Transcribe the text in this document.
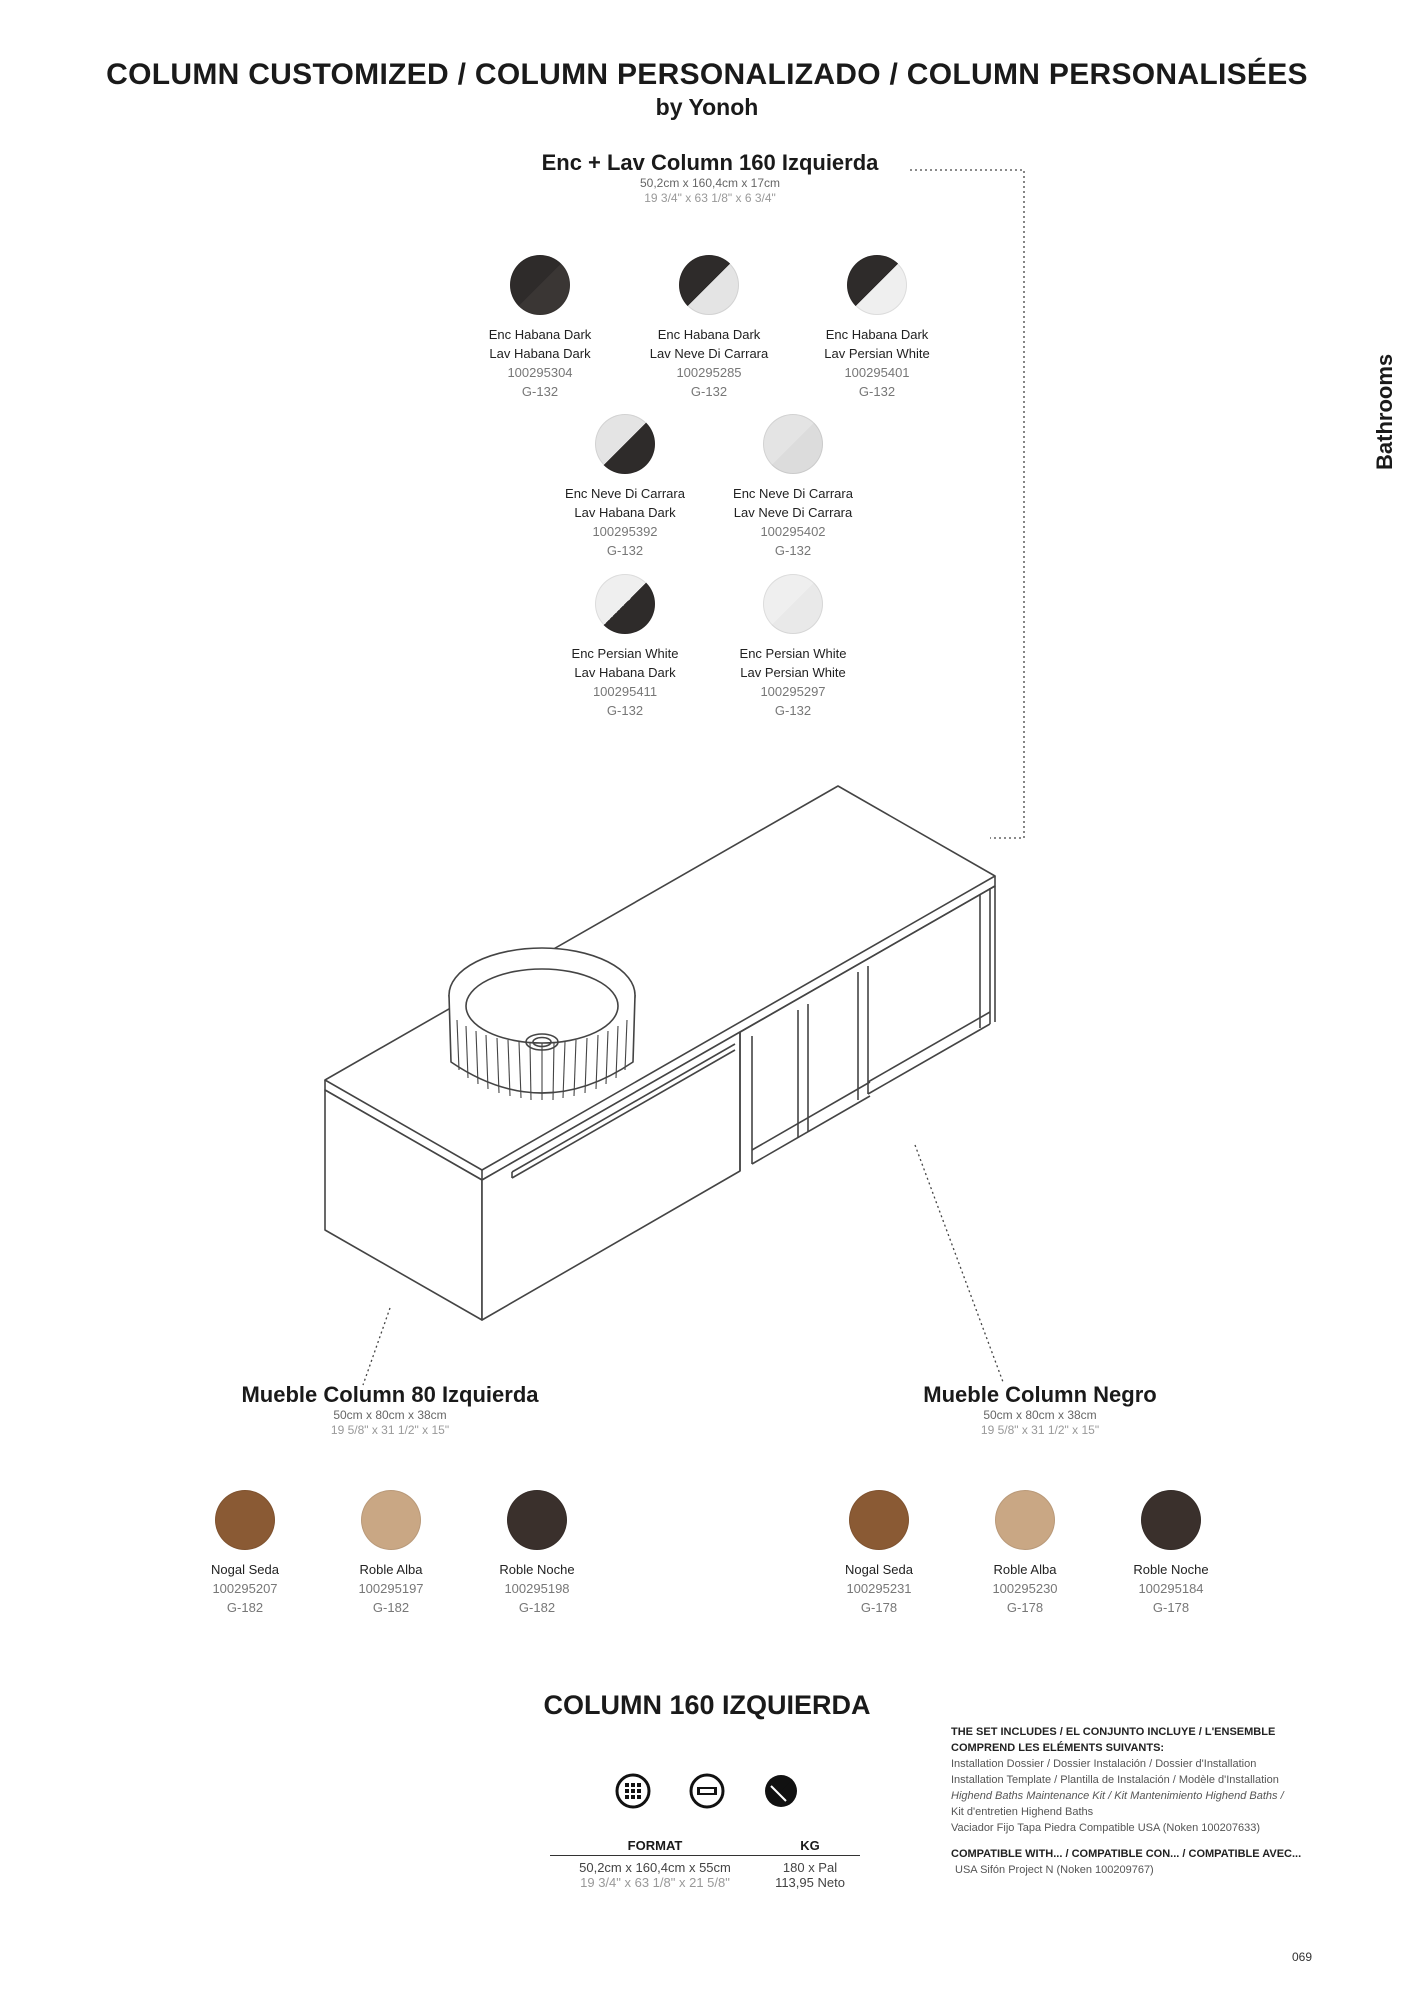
COLUMN CUSTOMIZED / COLUMN PERSONALIZADO / COLUMN PERSONALISÉES
by Yonoh
Bathrooms
Enc + Lav Column 160 Izquierda
50,2cm x 160,4cm x 17cm
19 3/4" x 63 1/8" x 6 3/4"
Enc Habana Dark
Lav Habana Dark
100295304
G-132
Enc Habana Dark
Lav Neve Di Carrara
100295285
G-132
Enc Habana Dark
Lav Persian White
100295401
G-132
Enc Neve Di Carrara
Lav Habana Dark
100295392
G-132
Enc Neve Di Carrara
Lav Neve Di Carrara
100295402
G-132
Enc Persian White
Lav Habana Dark
100295411
G-132
Enc Persian White
Lav Persian White
100295297
G-132
Mueble Column 80 Izquierda
50cm x 80cm x 38cm
19 5/8" x 31 1/2" x 15"
Nogal Seda
100295207
G-182
Roble Alba
100295197
G-182
Roble Noche
100295198
G-182
Mueble Column Negro
50cm x 80cm x 38cm
19 5/8" x 31 1/2" x 15"
Nogal Seda
100295231
G-178
Roble Alba
100295230
G-178
Roble Noche
100295184
G-178
COLUMN 160 IZQUIERDA
FORMAT	KG
50,2cm x 160,4cm x 55cm	180 x Pal
19 3/4" x 63 1/8" x 21 5/8"	113,95 Neto
THE SET INCLUDES / EL CONJUNTO INCLUYE / L'ENSEMBLE
COMPREND LES ELÉMENTS SUIVANTS:
Installation Dossier / Dossier Instalación / Dossier d'Installation
Installation Template / Plantilla de Instalación / Modèle d'Installation
Highend Baths Maintenance Kit / Kit Mantenimiento Highend Baths /
Kit d'entretien Highend Baths
Vaciador Fijo Tapa Piedra Compatible USA (Noken 100207633)
COMPATIBLE WITH... / COMPATIBLE CON... / COMPATIBLE AVEC...
USA Sifón Project N (Noken 100209767)
069
